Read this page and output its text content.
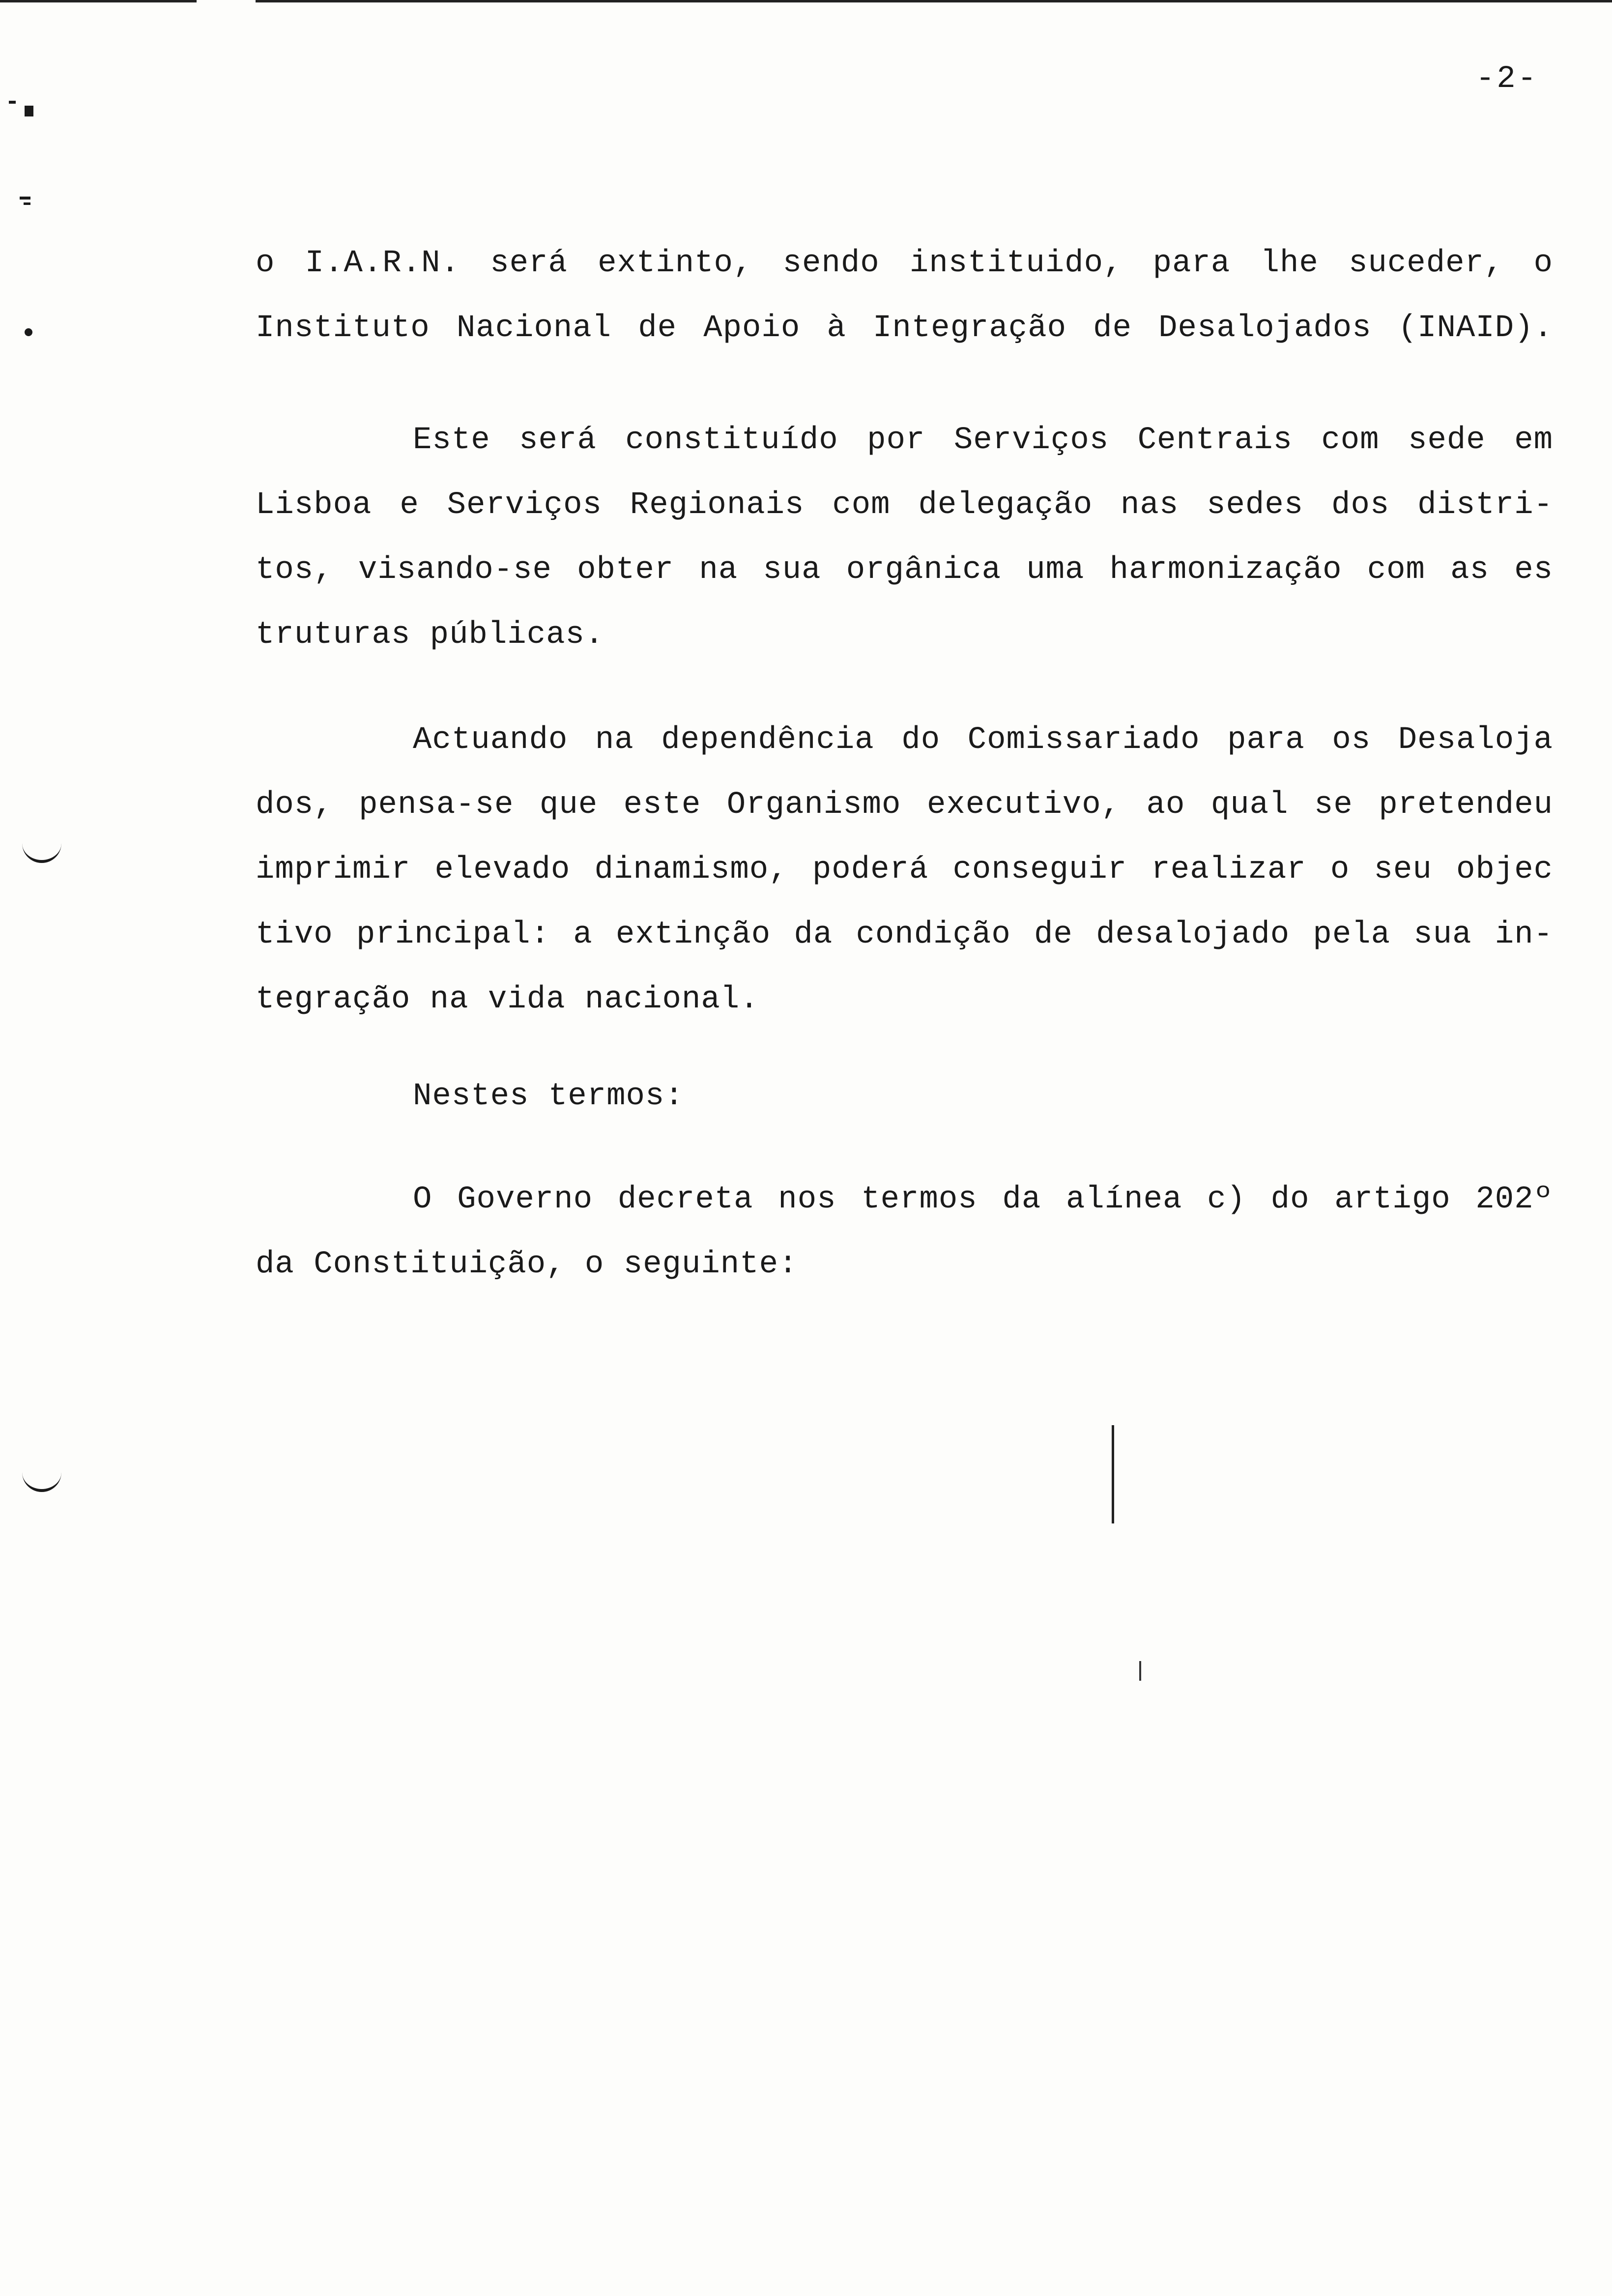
-2-
o I.A.R.N. será extinto, sendo instituido, para lhe suceder, o
Instituto Nacional de Apoio à Integração de Desalojados (INAID).
Este será constituído por Serviços Centrais com sede em
Lisboa e Serviços Regionais com delegação nas sedes dos distri-
tos, visando-se obter na sua orgânica uma harmonização com as es
truturas públicas.
Actuando na dependência do Comissariado para os Desaloja
dos, pensa-se que este Organismo executivo, ao qual se pretendeu
imprimir elevado dinamismo, poderá conseguir realizar o seu objec
tivo principal: a extinção da condição de desalojado pela sua in-
tegração na vida nacional.
Nestes termos:
O Governo decreta nos termos da alínea c) do artigo 202º
da Constituição, o seguinte:
